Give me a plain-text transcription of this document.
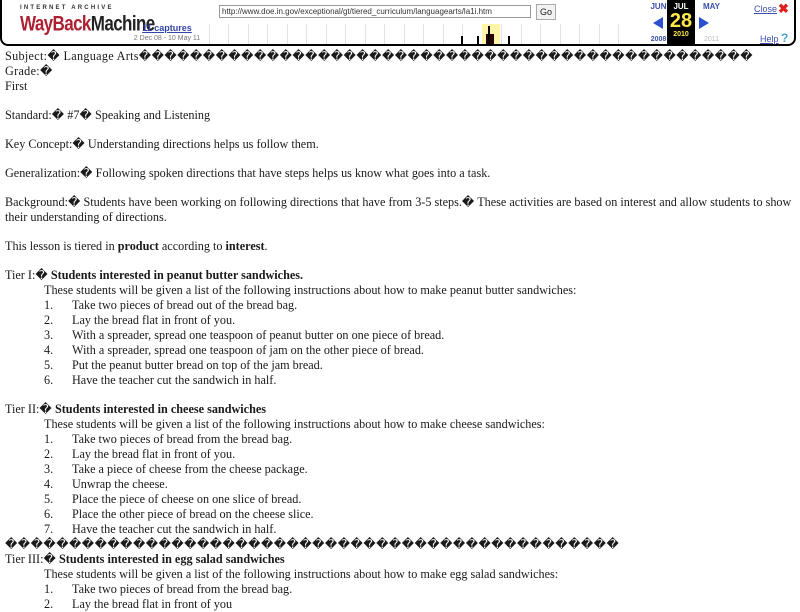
INTERNET ARCHIVE
WayBackMachine
11 captures
2 Dec 08 - 10 May 11
http://www.doe.in.gov/exceptional/gt/tiered_curriculum/languagearts/la1i.htm	Go
JUN
2008
JUL
28
2010
MAY
2011
Close ✖
Help ?

Subject:� Language Arts������������������������������������������������ Grade:�

First

Standard:� #7� Speaking and Listening

Key Concept:� Understanding directions helps us follow them.

Generalization:� Following spoken directions that have steps helps us know what goes into a task.

Background:� Students have been working on following directions that have from 3-5 steps.� These activities are based on interest and allow students to show their understanding of directions.

This lesson is tiered in product according to interest.

Tier I:� Students interested in peanut butter sandwiches.

These students will be given a list of the following instructions about how to make peanut butter sandwiches:

1. Take two pieces of bread out of the bread bag.
2. Lay the bread flat in front of you.
3. With a spreader, spread one teaspoon of peanut butter on one piece of bread.
4. With a spreader, spread one teaspoon of jam on the other piece of bread.
5. Put the peanut butter bread on top of the jam bread.
6. Have the teacher cut the sandwich in half.

Tier II:� Students interested in cheese sandwiches

These students will be given a list of the following instructions about how to make cheese sandwiches:

1. Take two pieces of bread from the bread bag.
2. Lay the bread flat in front of you.
3. Take a piece of cheese from the cheese package.
4. Unwrap the cheese.
5. Place the piece of cheese on one slice of bread.
6. Place the other piece of bread on the cheese slice.
7. Have the teacher cut the sandwich in half.

������������������������������������������������

Tier III:� Students interested in egg salad sandwiches

These students will be given a list of the following instructions about how to make egg salad sandwiches:

1. Take two pieces of bread from the bread bag.
2. Lay the bread flat in front of you
